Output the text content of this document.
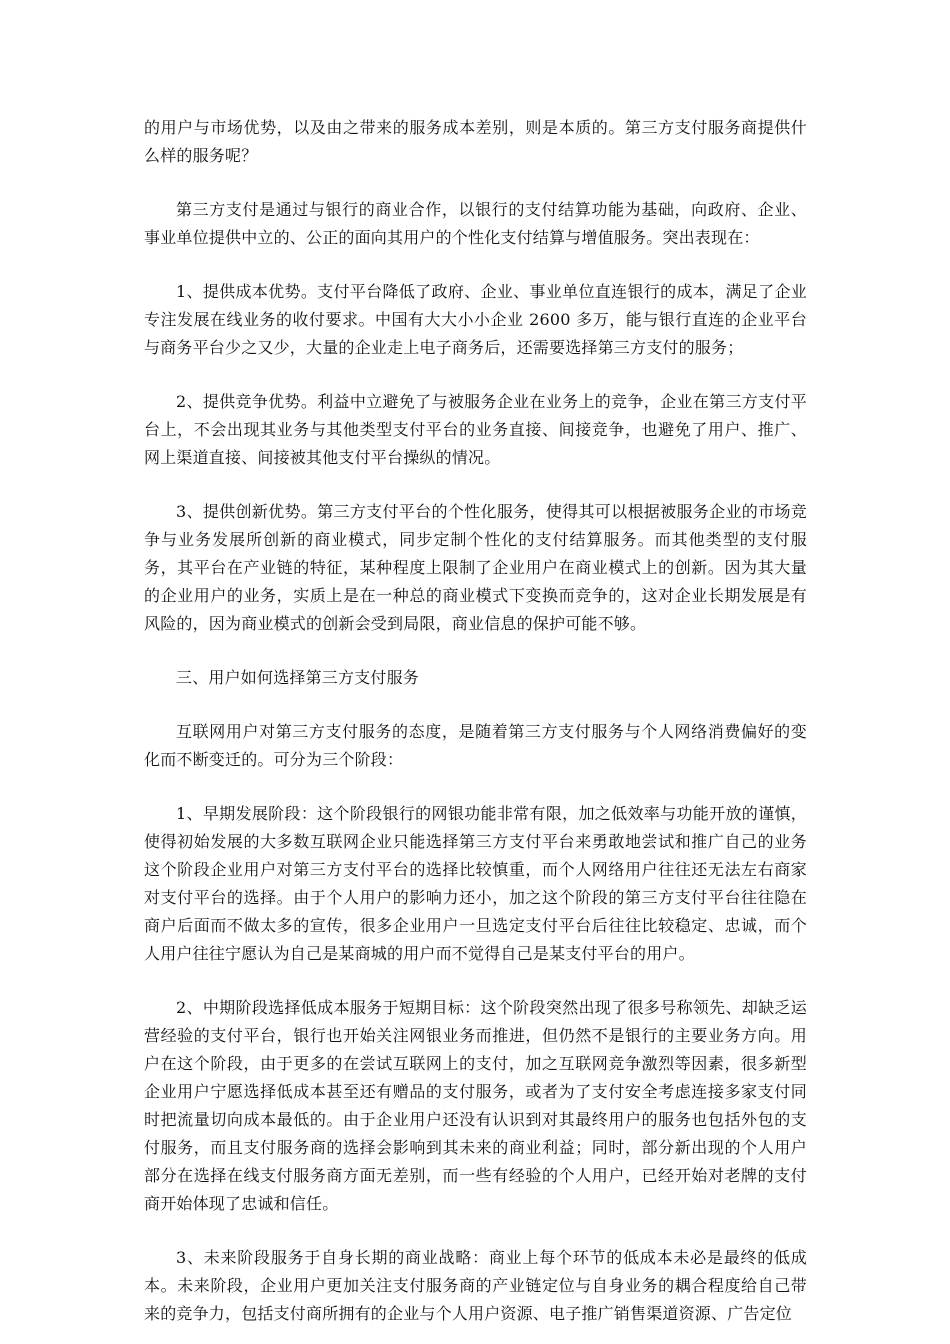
的用户与市场优势，以及由之带来的服务成本差别，则是本质的。第三方支付服务商提供什么样的服务呢？

第三方支付是通过与银行的商业合作，以银行的支付结算功能为基础，向政府、企业、事业单位提供中立的、公正的面向其用户的个性化支付结算与增值服务。突出表现在：

1、提供成本优势。支付平台降低了政府、企业、事业单位直连银行的成本，满足了企业专注发展在线业务的收付要求。中国有大大小小企业 2600 多万，能与银行直连的企业平台与商务平台少之又少，大量的企业走上电子商务后，还需要选择第三方支付的服务；

2、提供竞争优势。利益中立避免了与被服务企业在业务上的竞争，企业在第三方支付平台上，不会出现其业务与其他类型支付平台的业务直接、间接竞争，也避免了用户、推广、网上渠道直接、间接被其他支付平台操纵的情况。

3、提供创新优势。第三方支付平台的个性化服务，使得其可以根据被服务企业的市场竞争与业务发展所创新的商业模式，同步定制个性化的支付结算服务。而其他类型的支付服务，其平台在产业链的特征，某种程度上限制了企业用户在商业模式上的创新。因为其大量的企业用户的业务，实质上是在一种总的商业模式下变换而竞争的，这对企业长期发展是有风险的，因为商业模式的创新会受到局限，商业信息的保护可能不够。

三、用户如何选择第三方支付服务

互联网用户对第三方支付服务的态度，是随着第三方支付服务与个人网络消费偏好的变化而不断变迁的。可分为三个阶段：

1、早期发展阶段：这个阶段银行的网银功能非常有限，加之低效率与功能开放的谨慎，使得初始发展的大多数互联网企业只能选择第三方支付平台来勇敢地尝试和推广自己的业务这个阶段企业用户对第三方支付平台的选择比较慎重，而个人网络用户往往还无法左右商家对支付平台的选择。由于个人用户的影响力还小，加之这个阶段的第三方支付平台往往隐在商户后面而不做太多的宣传，很多企业用户一旦选定支付平台后往往比较稳定、忠诚，而个人用户往往宁愿认为自己是某商城的用户而不觉得自己是某支付平台的用户。

2、中期阶段选择低成本服务于短期目标：这个阶段突然出现了很多号称领先、却缺乏运营经验的支付平台，银行也开始关注网银业务而推进，但仍然不是银行的主要业务方向。用户在这个阶段，由于更多的在尝试互联网上的支付，加之互联网竞争激烈等因素，很多新型企业用户宁愿选择低成本甚至还有赠品的支付服务，或者为了支付安全考虑连接多家支付同时把流量切向成本最低的。由于企业用户还没有认识到对其最终用户的服务也包括外包的支付服务，而且支付服务商的选择会影响到其未来的商业利益；同时，部分新出现的个人用户部分在选择在线支付服务商方面无差别，而一些有经验的个人用户，已经开始对老牌的支付商开始体现了忠诚和信任。

3、未来阶段服务于自身长期的商业战略：商业上每个环节的低成本未必是最终的低成本。未来阶段，企业用户更加关注支付服务商的产业链定位与自身业务的耦合程度给自己带来的竞争力，包括支付商所拥有的企业与个人用户资源、电子推广销售渠道资源、广告定位
